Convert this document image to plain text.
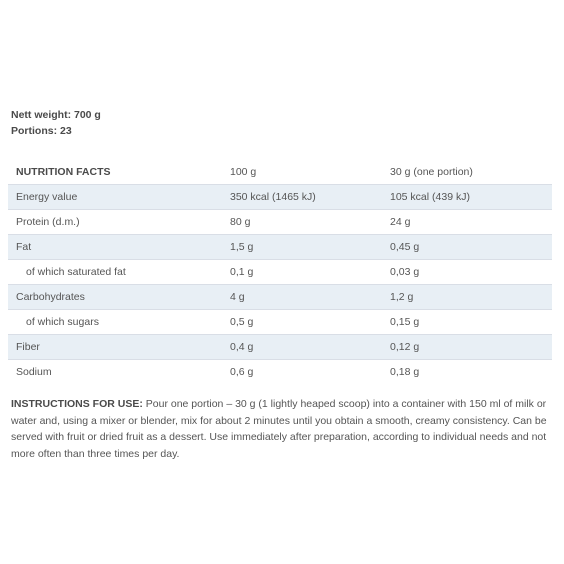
Nett weight: 700 g
Portions: 23
NUTRITION FACTS	100 g	30 g (one portion)
Energy value	350 kcal (1465 kJ)	105 kcal (439 kJ)
Protein (d.m.)	80 g	24 g
Fat	1,5 g	0,45 g
of which saturated fat	0,1 g	0,03 g
Carbohydrates	4 g	1,2 g
of which sugars	0,5 g	0,15 g
Fiber	0,4 g	0,12 g
Sodium	0,6 g	0,18 g
INSTRUCTIONS FOR USE: Pour one portion – 30 g (1 lightly heaped scoop) into a container with 150 ml of milk or water and, using a mixer or blender, mix for about 2 minutes until you obtain a smooth, creamy consistency. Can be served with fruit or dried fruit as a dessert. Use immediately after preparation, according to individual needs and not more often than three times per day.
